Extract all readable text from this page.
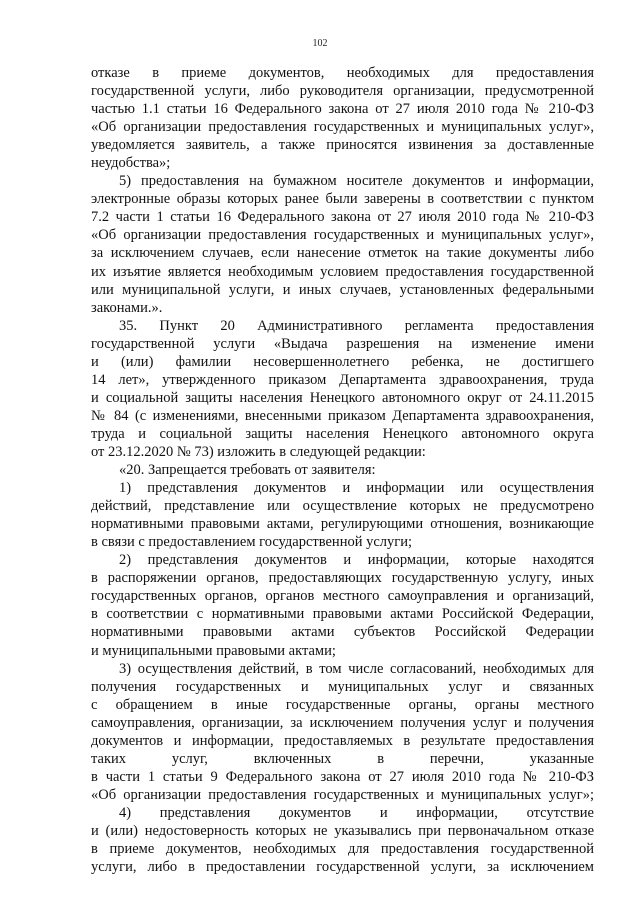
102
отказе в приеме документов, необходимых для предоставления
государственной услуги, либо руководителя организации, предусмотренной
частью 1.1 статьи 16 Федерального закона от 27 июля 2010 года № 210-ФЗ
«Об организации предоставления государственных и муниципальных услуг»,
уведомляется заявитель, а также приносятся извинения за доставленные
неудобства»;
5) предоставления на бумажном носителе документов и информации,
электронные образы которых ранее были заверены в соответствии с пунктом
7.2 части 1 статьи 16 Федерального закона от 27 июля 2010 года № 210-ФЗ
«Об организации предоставления государственных и муниципальных услуг»,
за исключением случаев, если нанесение отметок на такие документы либо
их изъятие является необходимым условием предоставления государственной
или муниципальной услуги, и иных случаев, установленных федеральными
законами.».
35. Пункт 20 Административного регламента предоставления
государственной услуги «Выдача разрешения на изменение имени
и (или) фамилии несовершеннолетнего ребенка, не достигшего
14 лет», утвержденного приказом Департамента здравоохранения, труда
и социальной защиты населения Ненецкого автономного округ от 24.11.2015
№ 84 (с изменениями, внесенными приказом Департамента здравоохранения,
труда и социальной защиты населения Ненецкого автономного округа
от 23.12.2020 № 73) изложить в следующей редакции:
«20. Запрещается требовать от заявителя:
1) представления документов и информации или осуществления
действий, представление или осуществление которых не предусмотрено
нормативными правовыми актами, регулирующими отношения, возникающие
в связи с предоставлением государственной услуги;
2) представления документов и информации, которые находятся
в распоряжении органов, предоставляющих государственную услугу, иных
государственных органов, органов местного самоуправления и организаций,
в соответствии с нормативными правовыми актами Российской Федерации,
нормативными правовыми актами субъектов Российской Федерации
и муниципальными правовыми актами;
3) осуществления действий, в том числе согласований, необходимых для
получения государственных и муниципальных услуг и связанных
с обращением в иные государственные органы, органы местного
самоуправления, организации, за исключением получения услуг и получения
документов и информации, предоставляемых в результате предоставления
таких услуг, включенных в перечни, указанные
в части 1 статьи 9 Федерального закона от 27 июля 2010 года № 210-ФЗ
«Об организации предоставления государственных и муниципальных услуг»;
4) представления документов и информации, отсутствие
и (или) недостоверность которых не указывались при первоначальном отказе
в приеме документов, необходимых для предоставления государственной
услуги, либо в предоставлении государственной услуги, за исключением
